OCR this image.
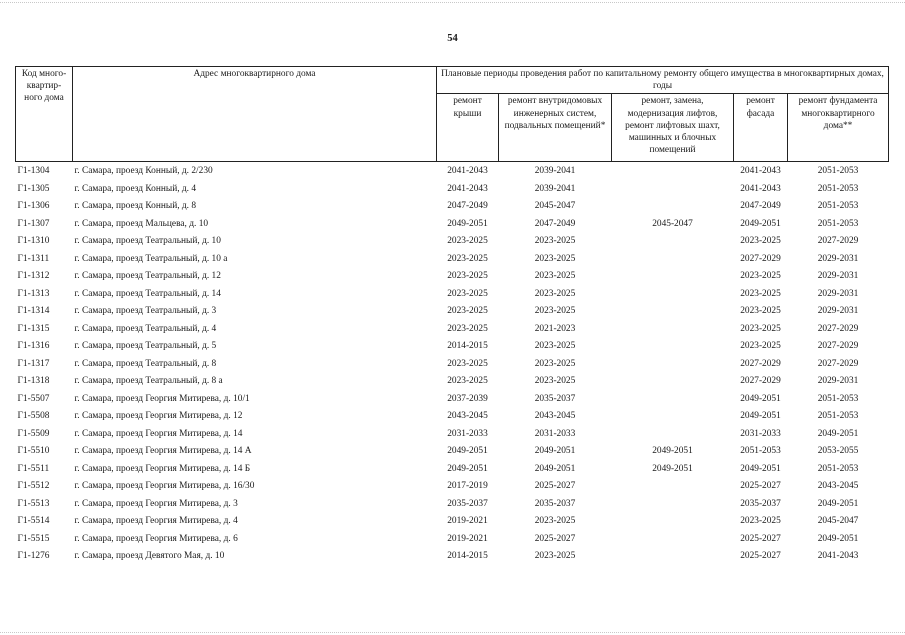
54
Код много-квартир-ного дома	Адрес многоквартирного дома	Плановые периоды проведения работ по капитальному ремонту общего имущества в многоквартирных домах, годы				
		ремонт крыши	ремонт внутридомовых инженерных систем, подвальных помещений*	ремонт, замена, модернизация лифтов, ремонт лифтовых шахт, машинных и блочных помещений	ремонт фасада	ремонт фундамента многоквартирного дома**
Г1-1304	г. Самара, проезд Конный, д. 2/230	2041-2043	2039-2041		2041-2043	2051-2053
Г1-1305	г. Самара, проезд Конный, д. 4	2041-2043	2039-2041		2041-2043	2051-2053
Г1-1306	г. Самара, проезд Конный, д. 8	2047-2049	2045-2047		2047-2049	2051-2053
Г1-1307	г. Самара, проезд Мальцева, д. 10	2049-2051	2047-2049	2045-2047	2049-2051	2051-2053
Г1-1310	г. Самара, проезд Театральный, д. 10	2023-2025	2023-2025		2023-2025	2027-2029
Г1-1311	г. Самара, проезд Театральный, д. 10 а	2023-2025	2023-2025		2027-2029	2029-2031
Г1-1312	г. Самара, проезд Театральный, д. 12	2023-2025	2023-2025		2023-2025	2029-2031
Г1-1313	г. Самара, проезд Театральный, д. 14	2023-2025	2023-2025		2023-2025	2029-2031
Г1-1314	г. Самара, проезд Театральный, д. 3	2023-2025	2023-2025		2023-2025	2029-2031
Г1-1315	г. Самара, проезд Театральный, д. 4	2023-2025	2021-2023		2023-2025	2027-2029
Г1-1316	г. Самара, проезд Театральный, д. 5	2014-2015	2023-2025		2023-2025	2027-2029
Г1-1317	г. Самара, проезд Театральный, д. 8	2023-2025	2023-2025		2027-2029	2027-2029
Г1-1318	г. Самара, проезд Театральный, д. 8 а	2023-2025	2023-2025		2027-2029	2029-2031
Г1-5507	г. Самара, проезд Георгия Митирева, д. 10/1	2037-2039	2035-2037		2049-2051	2051-2053
Г1-5508	г. Самара, проезд Георгия Митирева, д. 12	2043-2045	2043-2045		2049-2051	2051-2053
Г1-5509	г. Самара, проезд Георгия Митирева, д. 14	2031-2033	2031-2033		2031-2033	2049-2051
Г1-5510	г. Самара, проезд Георгия Митирева, д. 14 А	2049-2051	2049-2051	2049-2051	2051-2053	2053-2055
Г1-5511	г. Самара, проезд Георгия Митирева, д. 14 Б	2049-2051	2049-2051	2049-2051	2049-2051	2051-2053
Г1-5512	г. Самара, проезд Георгия Митирева, д. 16/30	2017-2019	2025-2027		2025-2027	2043-2045
Г1-5513	г. Самара, проезд Георгия Митирева, д. 3	2035-2037	2035-2037		2035-2037	2049-2051
Г1-5514	г. Самара, проезд Георгия Митирева, д. 4	2019-2021	2023-2025		2023-2025	2045-2047
Г1-5515	г. Самара, проезд Георгия Митирева, д. 6	2019-2021	2025-2027		2025-2027	2049-2051
Г1-1276	г. Самара, проезд Девятого Мая, д. 10	2014-2015	2023-2025		2025-2027	2041-2043
